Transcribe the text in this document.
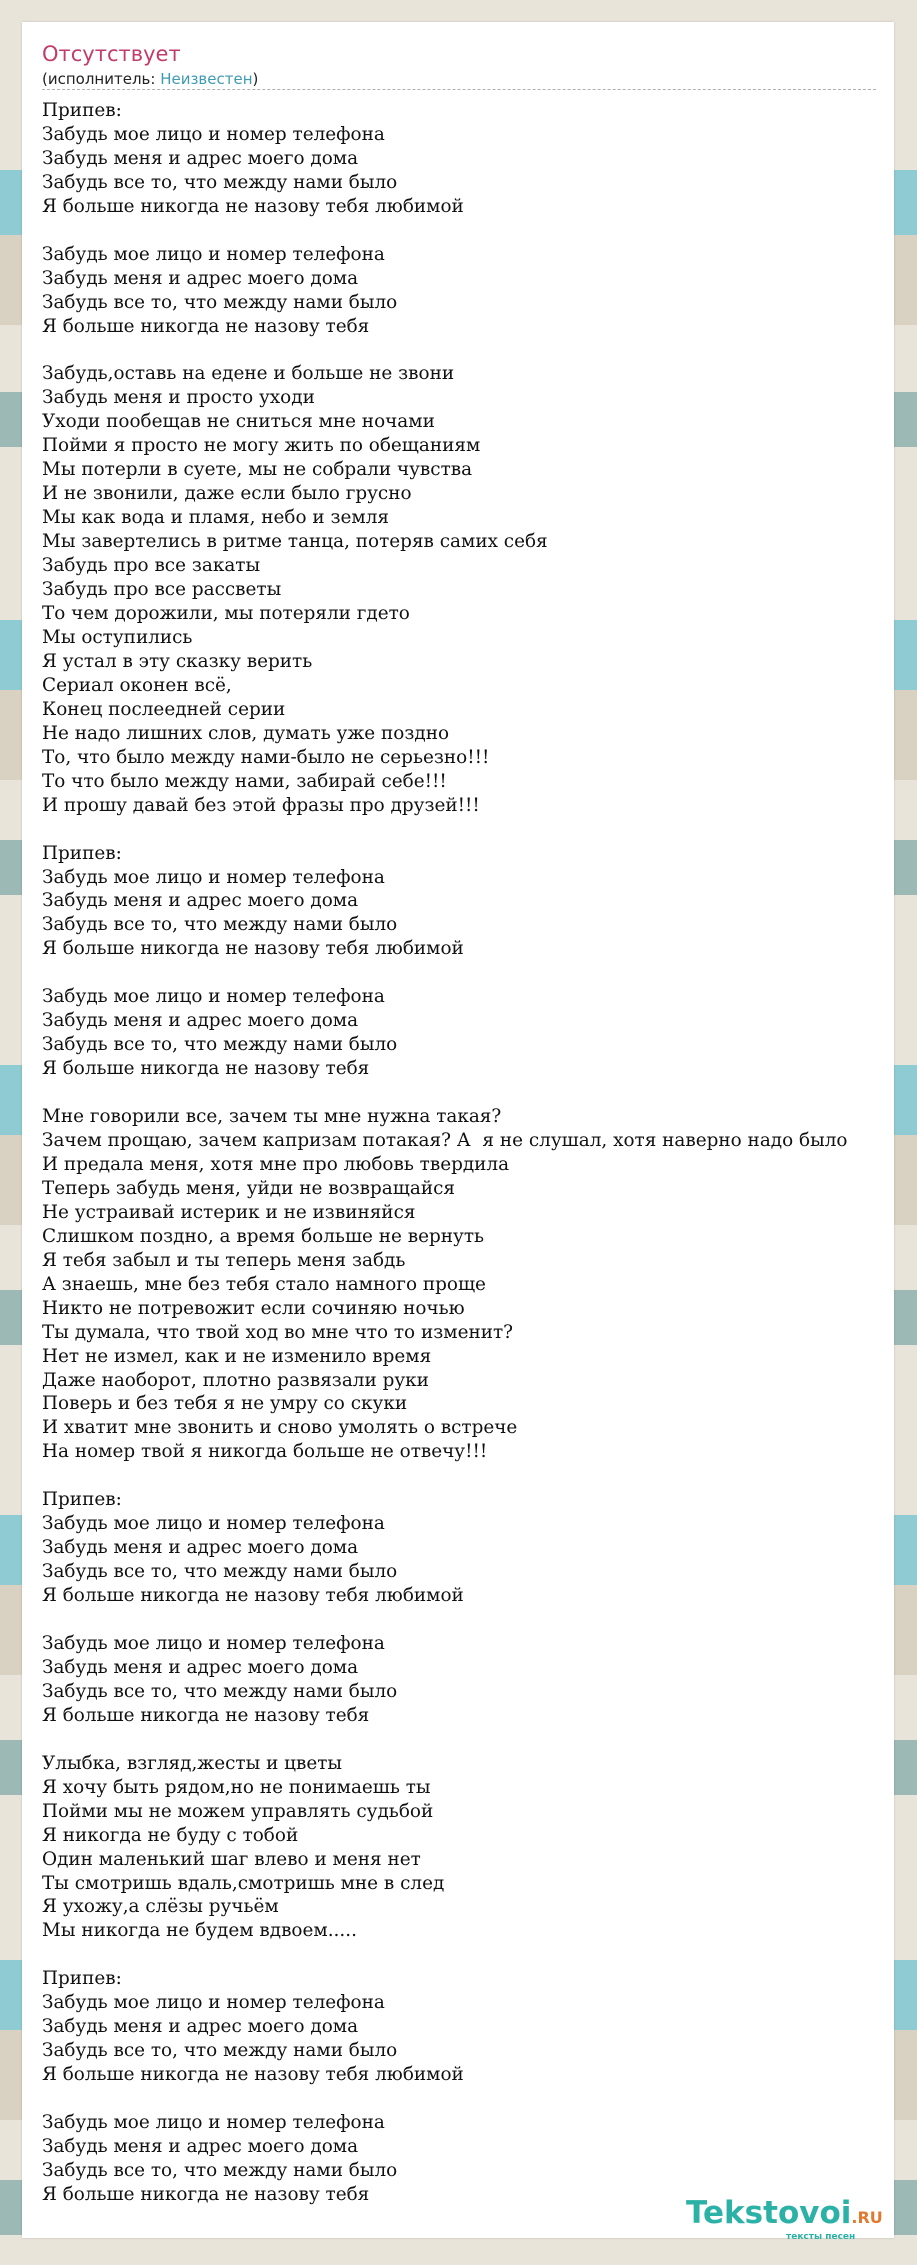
Отсутствует
(исполнитель: Неизвестен)
Припев:
Забудь мое лицо и номер телефона
Забудь меня и адрес моего дома
Забудь все то, что между нами было
Я больше никогда не назову тебя любимой

Забудь мое лицо и номер телефона
Забудь меня и адрес моего дома
Забудь все то, что между нами было
Я больше никогда не назову тебя

Забудь,оставь на едене и больше не звони
Забудь меня и просто уходи
Уходи пообещав не сниться мне ночами
Пойми я просто не могу жить по обещаниям
Мы потерли в суете, мы не собрали чувства
И не звонили, даже если было грусно
Мы как вода и пламя, небо и земля
Мы завертелись в ритме танца, потеряв самих себя
Забудь про все закаты
Забудь про все рассветы
То чем дорожили, мы потеряли гдето
Мы оступились
Я устал в эту сказку верить
Сериал оконен всё,
Конец послеедней серии
Не надо лишних слов, думать уже поздно
То, что было между нами-было не серьезно!!!
То что было между нами, забирай себе!!!
И прошу давай без этой фразы про друзей!!!

Припев:
Забудь мое лицо и номер телефона
Забудь меня и адрес моего дома
Забудь все то, что между нами было
Я больше никогда не назову тебя любимой

Забудь мое лицо и номер телефона
Забудь меня и адрес моего дома
Забудь все то, что между нами было
Я больше никогда не назову тебя

Мне говорили все, зачем ты мне нужна такая?
Зачем прощаю, зачем капризам потакая? А  я не слушал, хотя наверно надо было
И предала меня, хотя мне про любовь твердила
Теперь забудь меня, уйди не возвращайся
Не устраивай истерик и не извиняйся
Слишком поздно, а время больше не вернуть
Я тебя забыл и ты теперь меня забдь
А знаешь, мне без тебя стало намного проще
Никто не потревожит если сочиняю ночью
Ты думала, что твой ход во мне что то изменит?
Нет не измел, как и не изменило время
Даже наоборот, плотно развязали руки
Поверь и без тебя я не умру со скуки
И хватит мне звонить и сново умолять о встрече
На номер твой я никогда больше не отвечу!!!

Припев:
Забудь мое лицо и номер телефона
Забудь меня и адрес моего дома
Забудь все то, что между нами было
Я больше никогда не назову тебя любимой

Забудь мое лицо и номер телефона
Забудь меня и адрес моего дома
Забудь все то, что между нами было
Я больше никогда не назову тебя

Улыбка, взгляд,жесты и цветы
Я хочу быть рядом,но не понимаешь ты
Пойми мы не можем управлять судьбой
Я никогда не буду с тобой
Один маленький шаг влево и меня нет
Ты смотришь вдаль,смотришь мне в след
Я ухожу,а слёзы ручьём
Мы никогда не будем вдвоем.....

Припев:
Забудь мое лицо и номер телефона
Забудь меня и адрес моего дома
Забудь все то, что между нами было
Я больше никогда не назову тебя любимой

Забудь мое лицо и номер телефона
Забудь меня и адрес моего дома
Забудь все то, что между нами было
Я больше никогда не назову тебя
Tekstovoi.RU
тексты песен
